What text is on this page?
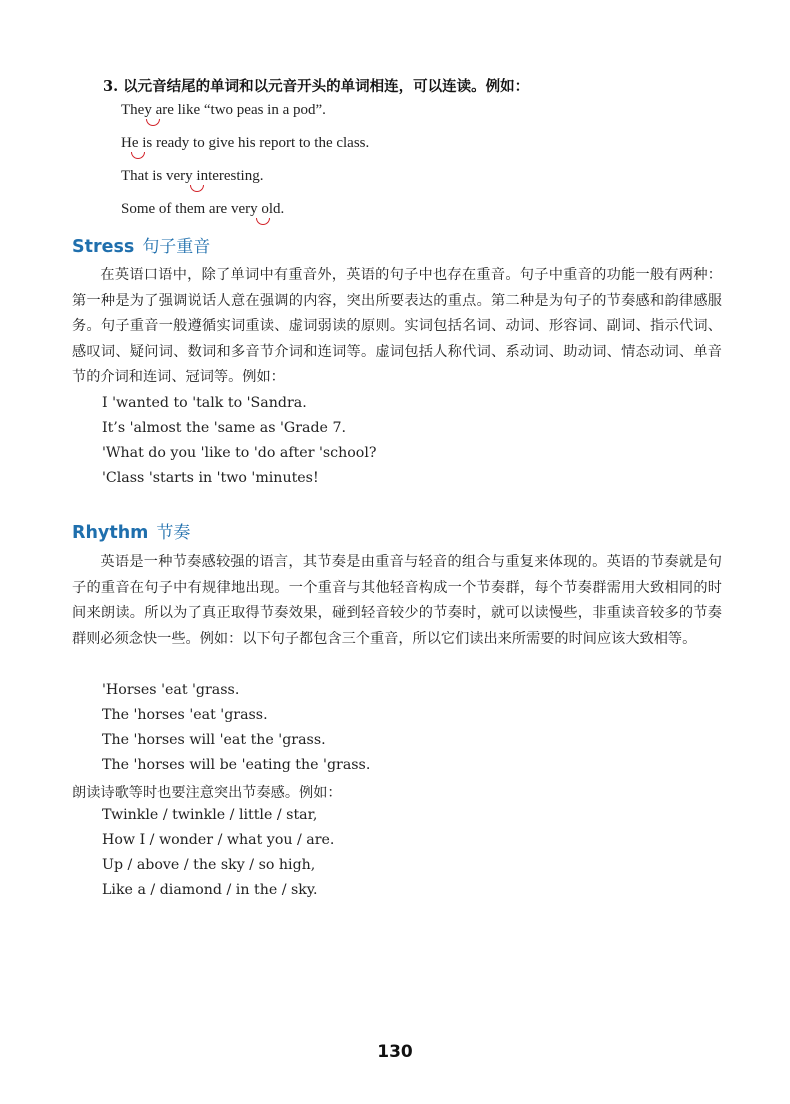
3. 以元音结尾的单词和以元音开头的单词相连，可以连读。例如：
They are like “two peas in a pod”.
He is ready to give his report to the class.
That is very interesting.
Some of them are very old.
Stress 句子重音
在英语口语中，除了单词中有重音外，英语的句子中也存在重音。句子中重音的功能一般有两种：第一种是为了强调说话人意在强调的内容，突出所要表达的重点。第二种是为句子的节奏感和韵律感服务。句子重音一般遵循实词重读、虚词弱读的原则。实词包括名词、动词、形容词、副词、指示代词、感叹词、疑问词、数词和多音节介词和连词等。虚词包括人称代词、系动词、助动词、情态动词、单音节的介词和连词、冠词等。例如：
I 'wanted to 'talk to 'Sandra.
It’s 'almost the 'same as 'Grade 7.
'What do you 'like to 'do after 'school?
'Class 'starts in 'two 'minutes!
Rhythm 节奏
英语是一种节奏感较强的语言，其节奏是由重音与轻音的组合与重复来体现的。英语的节奏就是句子的重音在句子中有规律地出现。一个重音与其他轻音构成一个节奏群，每个节奏群需用大致相同的时间来朗读。所以为了真正取得节奏效果，碰到轻音较少的节奏时，就可以读慢些，非重读音较多的节奏群则必须念快一些。例如：以下句子都包含三个重音，所以它们读出来所需要的时间应该大致相等。
'Horses 'eat 'grass.
The 'horses 'eat 'grass.
The 'horses will 'eat the 'grass.
The 'horses will be 'eating the 'grass.
朗读诗歌等时也要注意突出节奏感。例如：
Twinkle / twinkle / little / star,
How I / wonder / what you / are.
Up / above / the sky / so high,
Like a / diamond / in the / sky.
130
